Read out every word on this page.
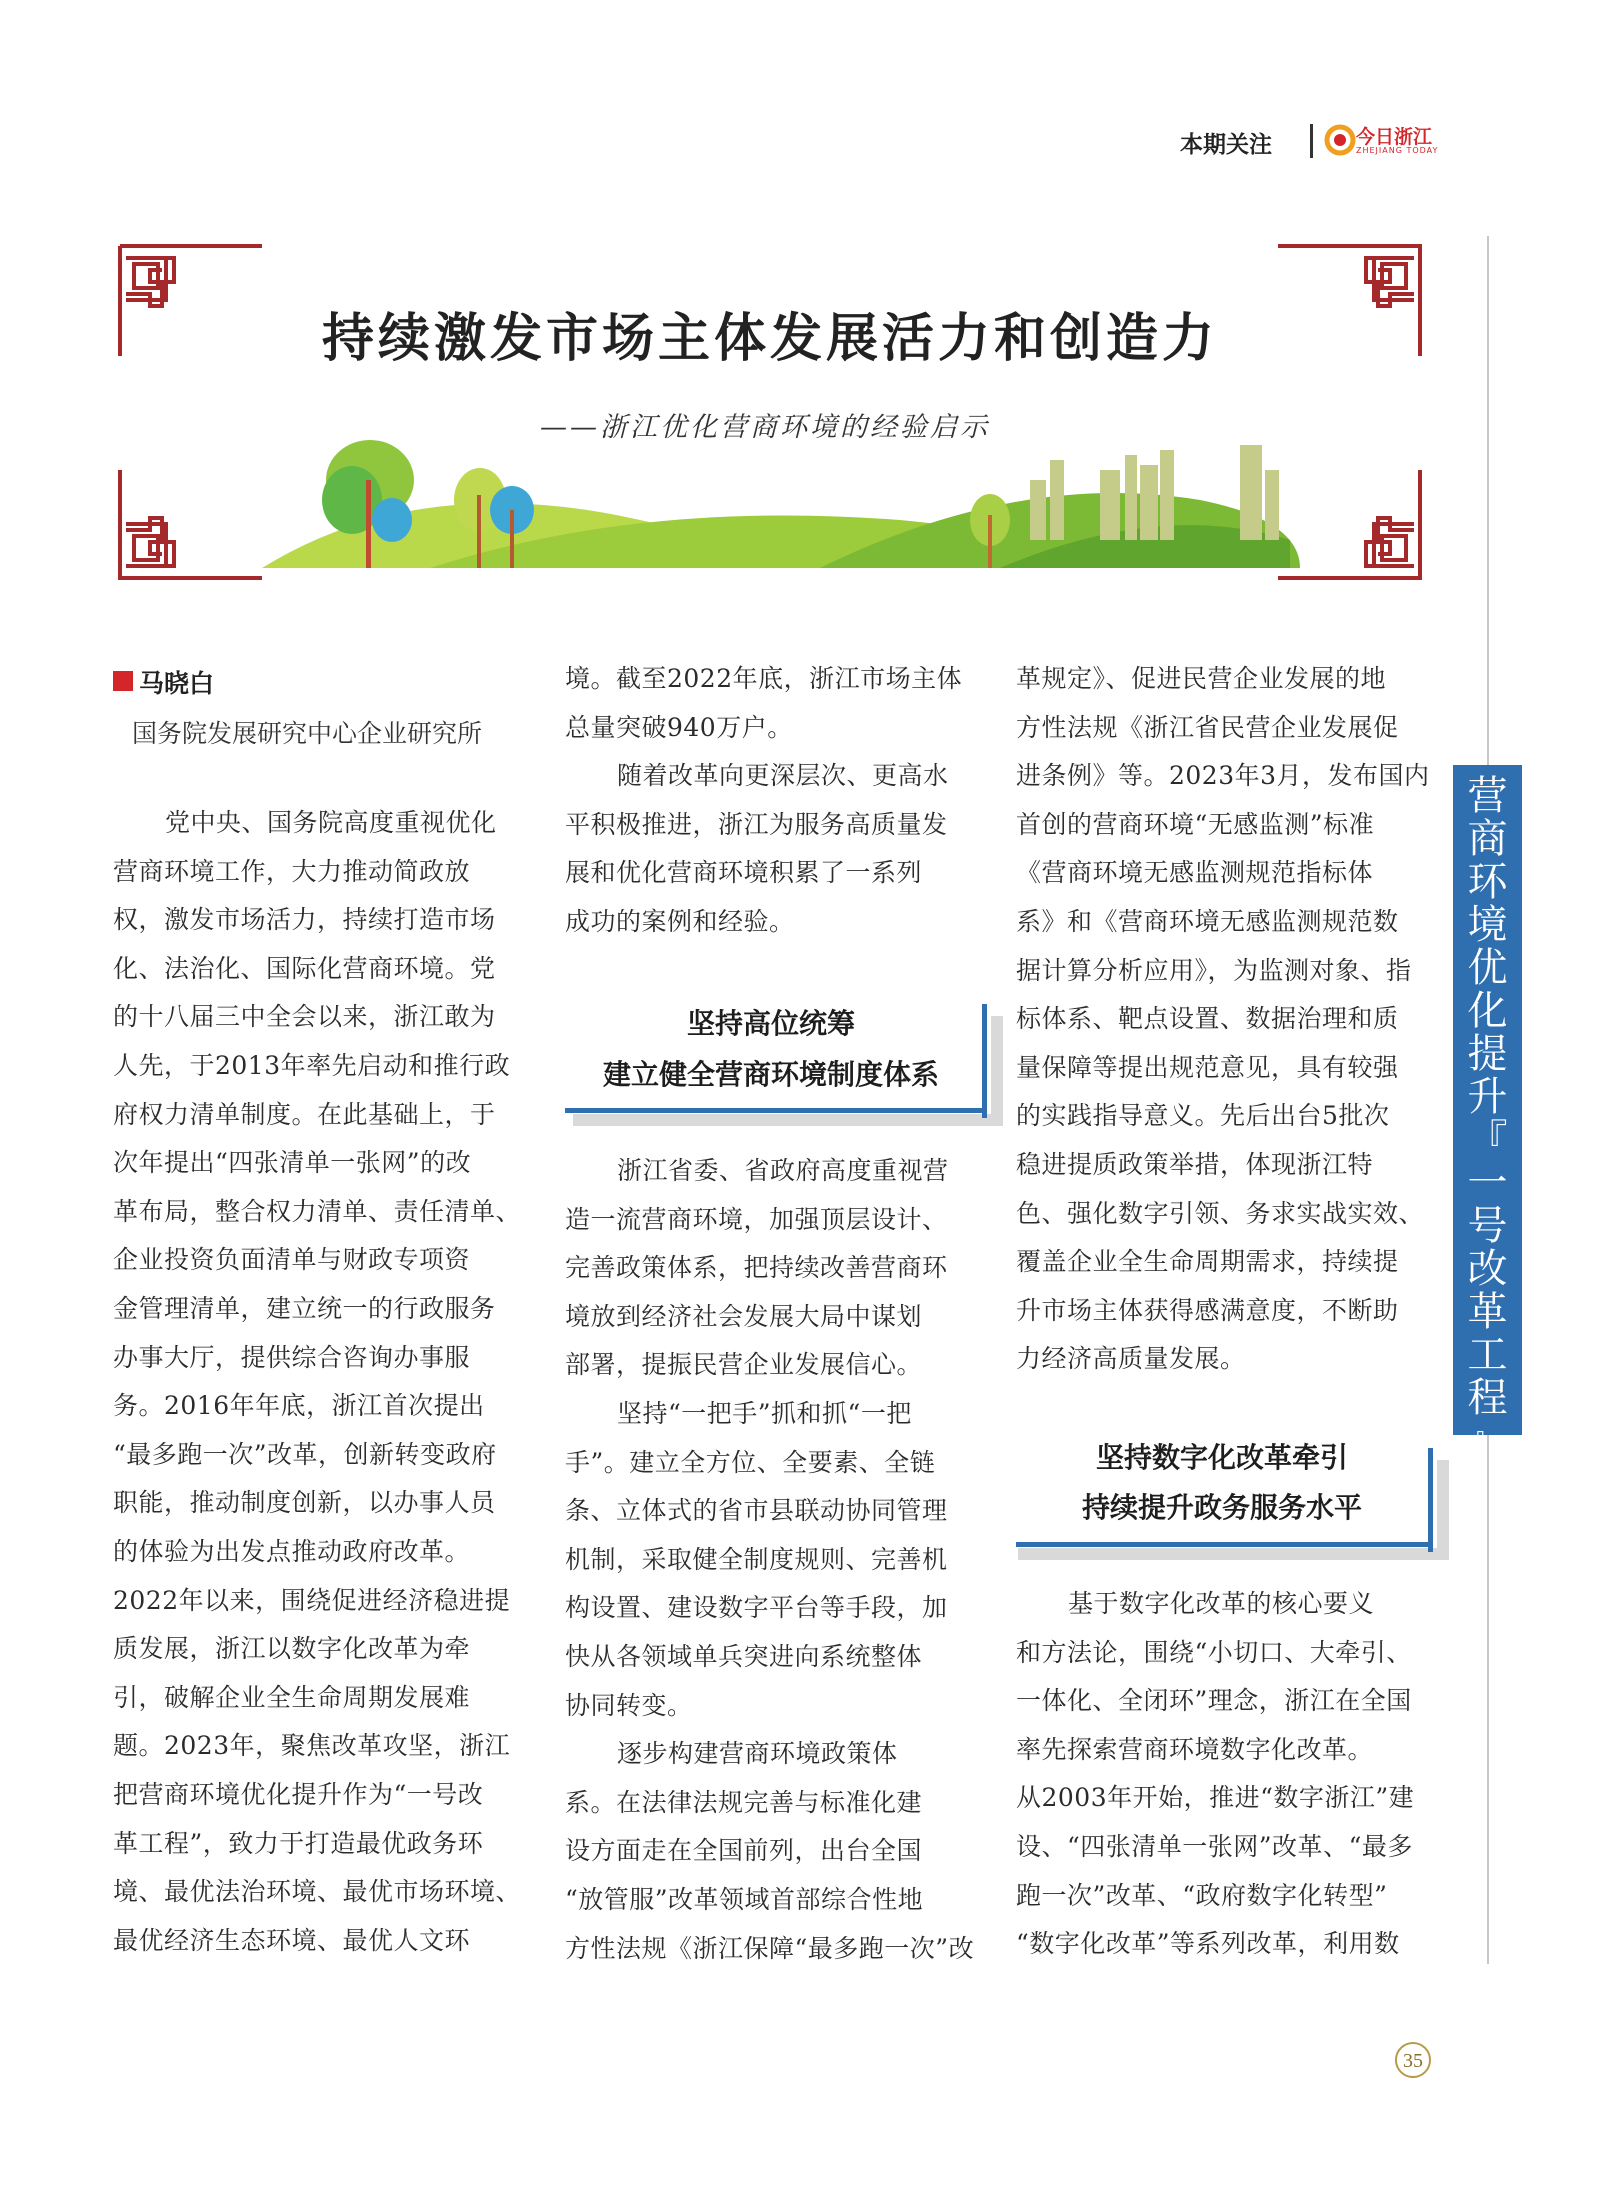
本期关注	今日浙江
ZHEJIANG TODAY
持续激发市场主体发展活力和创造力
——浙江优化营商环境的经验启示
营
商
环
境
优
化
提
升
『
一
号
改
革
工
程
』
马晓白
国务院发展研究中心企业研究所
党中央、国务院高度重视优化
营商环境工作，大力推动简政放
权，激发市场活力，持续打造市场
化、法治化、国际化营商环境。党
的十八届三中全会以来，浙江敢为
人先，于2013年率先启动和推行政
府权力清单制度。在此基础上，于
次年提出“四张清单一张网”的改
革布局，整合权力清单、责任清单、
企业投资负面清单与财政专项资
金管理清单，建立统一的行政服务
办事大厅，提供综合咨询办事服
务。2016年年底，浙江首次提出
“最多跑一次”改革，创新转变政府
职能，推动制度创新，以办事人员
的体验为出发点推动政府改革。
2022年以来，围绕促进经济稳进提
质发展，浙江以数字化改革为牵
引，破解企业全生命周期发展难
题。2023年，聚焦改革攻坚，浙江
把营商环境优化提升作为“一号改
革工程”，致力于打造最优政务环
境、最优法治环境、最优市场环境、
最优经济生态环境、最优人文环
境。截至2022年底，浙江市场主体
总量突破940万户。
随着改革向更深层次、更高水
平积极推进，浙江为服务高质量发
展和优化营商环境积累了一系列
成功的案例和经验。
浙江省委、省政府高度重视营
造一流营商环境，加强顶层设计、
完善政策体系，把持续改善营商环
境放到经济社会发展大局中谋划
部署，提振民营企业发展信心。
坚持“一把手”抓和抓“一把
手”。建立全方位、全要素、全链
条、立体式的省市县联动协同管理
机制，采取健全制度规则、完善机
构设置、建设数字平台等手段，加
快从各领域单兵突进向系统整体
协同转变。
逐步构建营商环境政策体
系。在法律法规完善与标准化建
设方面走在全国前列，出台全国
“放管服”改革领域首部综合性地
方性法规《浙江保障“最多跑一次”改
革规定》、促进民营企业发展的地
方性法规《浙江省民营企业发展促
进条例》等。2023年3月，发布国内
首创的营商环境“无感监测”标准
《营商环境无感监测规范指标体
系》和《营商环境无感监测规范数
据计算分析应用》，为监测对象、指
标体系、靶点设置、数据治理和质
量保障等提出规范意见，具有较强
的实践指导意义。先后出台5批次
稳进提质政策举措，体现浙江特
色、强化数字引领、务求实战实效、
覆盖企业全生命周期需求，持续提
升市场主体获得感满意度，不断助
力经济高质量发展。
基于数字化改革的核心要义
和方法论，围绕“小切口、大牵引、
一体化、全闭环”理念，浙江在全国
率先探索营商环境数字化改革。
从2003年开始，推进“数字浙江”建
设、“四张清单一张网”改革、“最多
跑一次”改革、“政府数字化转型”
“数字化改革”等系列改革，利用数
坚持高位统筹
建立健全营商环境制度体系
坚持数字化改革牵引
持续提升政务服务水平
35
